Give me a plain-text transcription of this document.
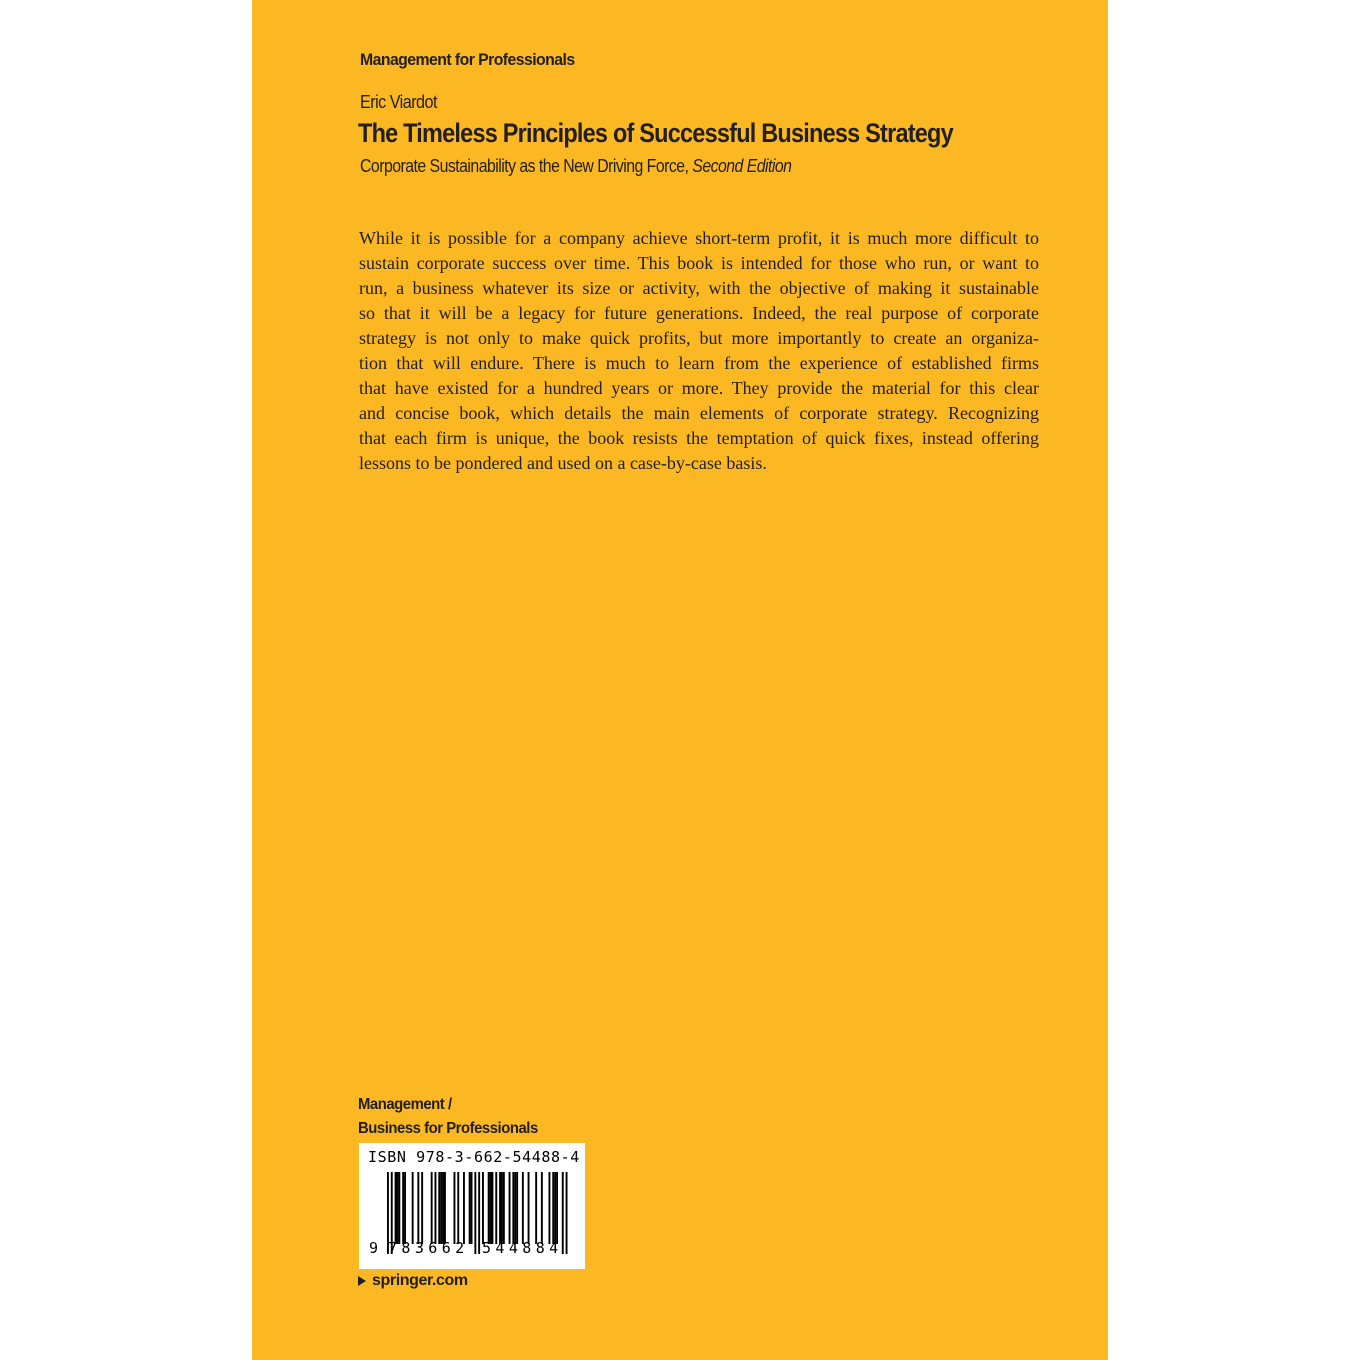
Management for Professionals
Eric Viardot
The Timeless Principles of Successful Business Strategy
Corporate Sustainability as the New Driving Force, Second Edition

While it is possible for a company achieve short-term profit, it is much more difficult to
sustain corporate success over time. This book is intended for those who run, or want to
run, a business whatever its size or activity, with the objective of making it sustainable
so that it will be a legacy for future generations. Indeed, the real purpose of corporate
strategy is not only to make quick profits, but more importantly to create an organiza-
tion that will endure. There is much to learn from the experience of established firms
that have existed for a hundred years or more. They provide the material for this clear
and concise book, which details the main elements of corporate strategy. Recognizing
that each firm is unique, the book resists the temptation of quick fixes, instead offering
lessons to be pondered and used on a case-by-case basis.

Management /
Business for Professionals
ISBN 978-3-662-54488-4
9 783662 544884
springer.com
